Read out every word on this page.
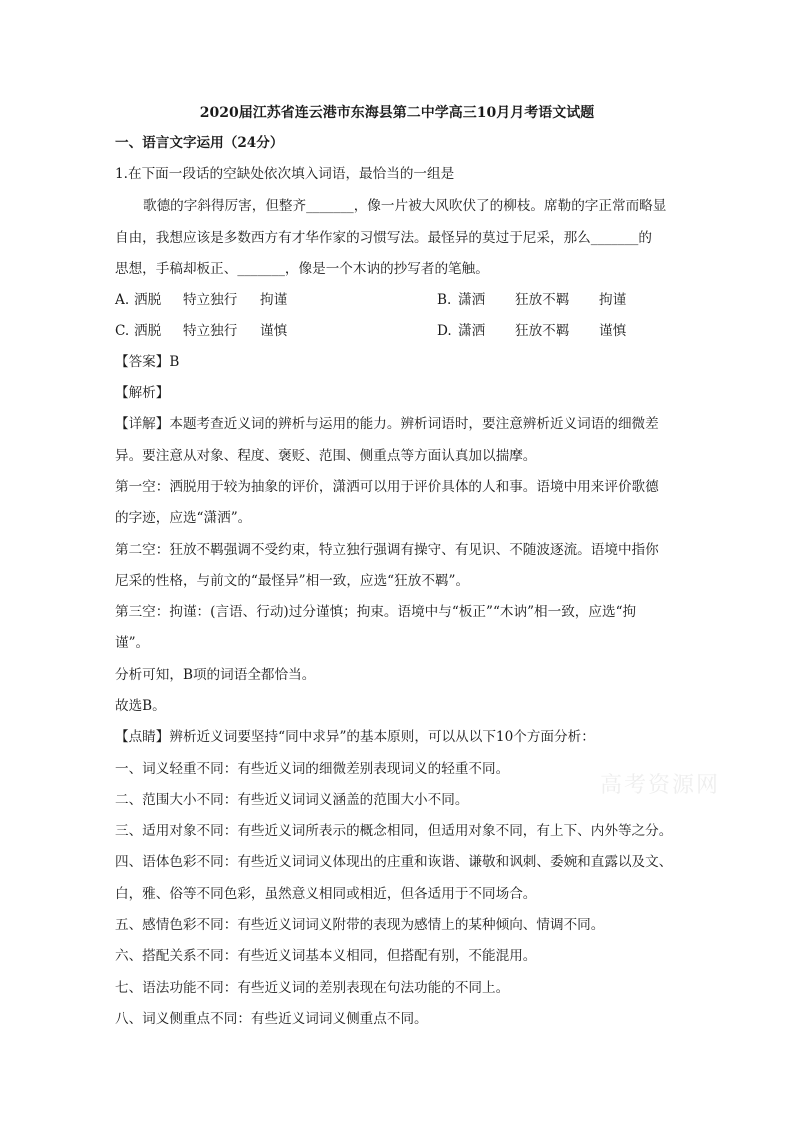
2020届江苏省连云港市东海县第二中学高三10月月考语文试题
一、语言文字运用（24分）
1.在下面一段话的空缺处依次填入词语，最恰当的一组是
歌德的字斜得厉害，但整齐_______，像一片被大风吹伏了的柳枝。席勒的字正常而略显
自由，我想应该是多数西方有才华作家的习惯写法。最怪异的莫过于尼采，那么_______的
思想，手稿却板正、_______，像是一个木讷的抄写者的笔触。
A. 洒脱 特立独行 拘谨	B. 潇洒 狂放不羁 拘谨
C. 洒脱 特立独行 谨慎	D. 潇洒 狂放不羁 谨慎
【答案】B
【解析】
【详解】本题考查近义词的辨析与运用的能力。辨析词语时，要注意辨析近义词语的细微差
异。要注意从对象、程度、褒贬、范围、侧重点等方面认真加以揣摩。
第一空：洒脱用于较为抽象的评价，潇洒可以用于评价具体的人和事。语境中用来评价歌德
的字迹，应选“潇洒”。
第二空：狂放不羁强调不受约束，特立独行强调有操守、有见识、不随波逐流。语境中指你
尼采的性格，与前文的“最怪异”相一致，应选“狂放不羁”。
第三空：拘谨：(言语、行动)过分谨慎；拘束。语境中与“板正”“木讷”相一致，应选“拘
谨”。
分析可知，B项的词语全都恰当。
故选B。
【点睛】辨析近义词要坚持“同中求异”的基本原则，可以从以下10个方面分析：
一、词义轻重不同：有些近义词的细微差别表现词义的轻重不同。
二、范围大小不同：有些近义词词义涵盖的范围大小不同。
三、适用对象不同：有些近义词所表示的概念相同，但适用对象不同，有上下、内外等之分。
四、语体色彩不同：有些近义词词义体现出的庄重和诙谐、谦敬和讽刺、委婉和直露以及文、
白，雅、俗等不同色彩，虽然意义相同或相近，但各适用于不同场合。
五、感情色彩不同：有些近义词词义附带的表现为感情上的某种倾向、情调不同。
六、搭配关系不同：有些近义词基本义相同，但搭配有别，不能混用。
七、语法功能不同：有些近义词的差别表现在句法功能的不同上。
八、词义侧重点不同：有些近义词词义侧重点不同。
高考资源网
